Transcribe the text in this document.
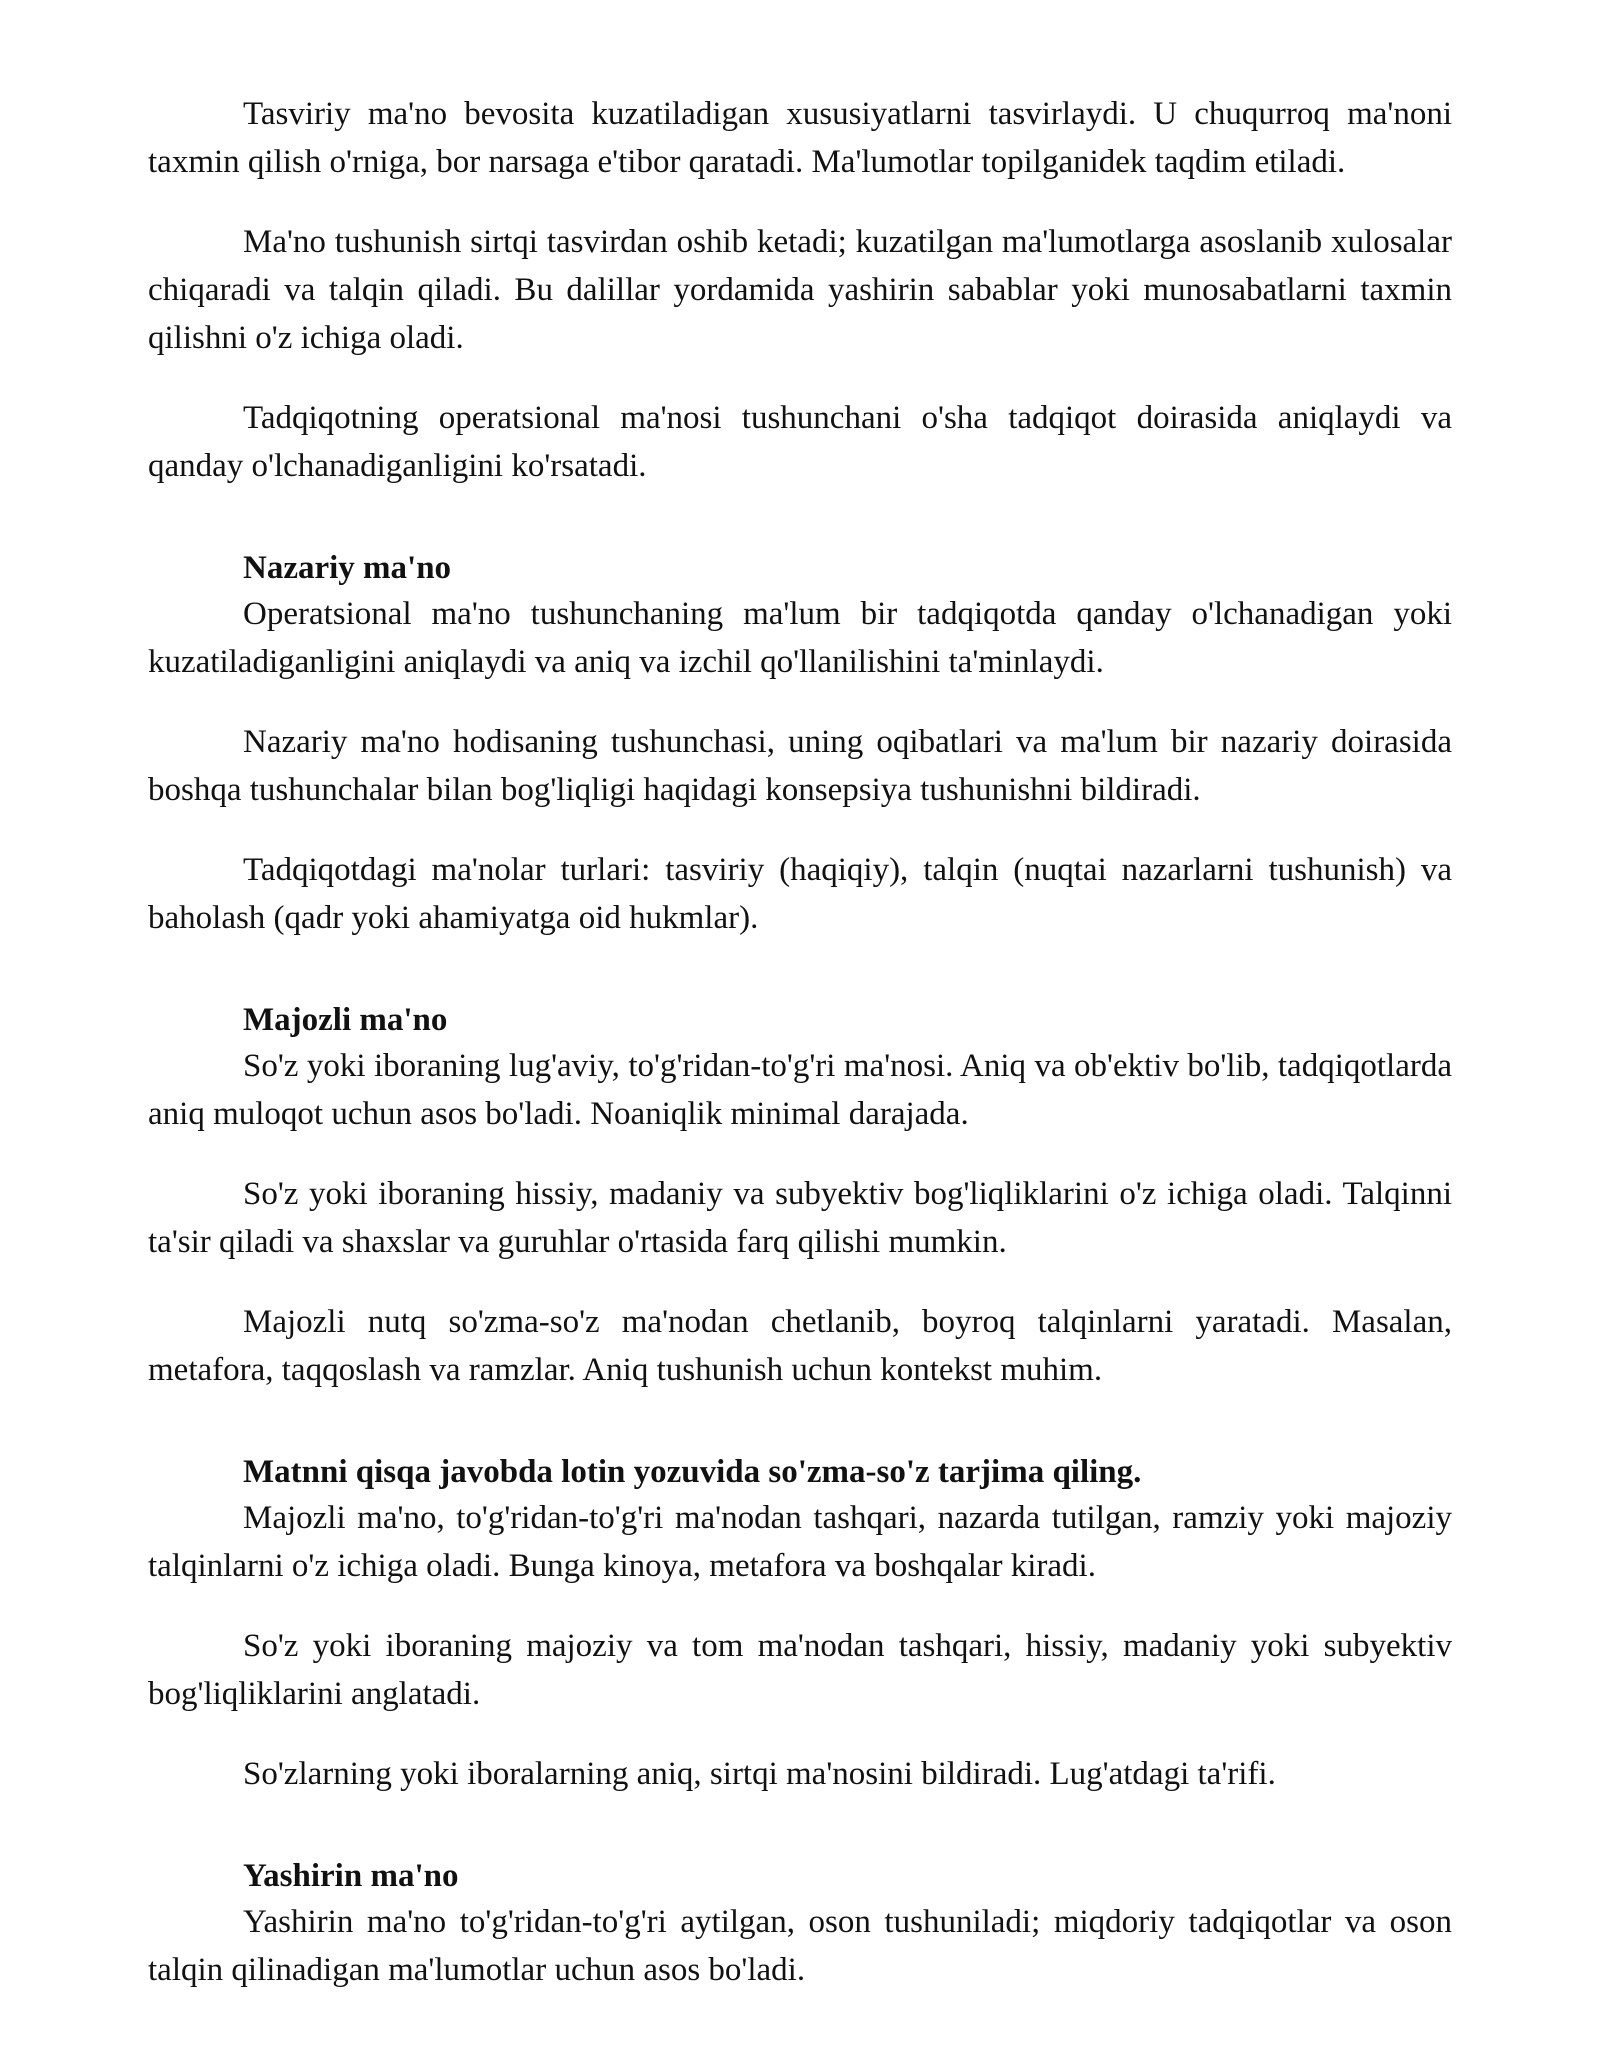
Tasviriy ma'no bevosita kuzatiladigan xususiyatlarni tasvirlaydi. U chuqurroq ma'noni taxmin qilish o'rniga, bor narsaga e'tibor qaratadi. Ma'lumotlar topilganidek taqdim etiladi.

Ma'no tushunish sirtqi tasvirdan oshib ketadi; kuzatilgan ma'lumotlarga asoslanib xulosalar chiqaradi va talqin qiladi. Bu dalillar yordamida yashirin sabablar yoki munosabatlarni taxmin qilishni o'z ichiga oladi.

Tadqiqotning operatsional ma'nosi tushunchani o'sha tadqiqot doirasida aniqlaydi va qanday o'lchanadiganligini ko'rsatadi.

Nazariy ma'no

Operatsional ma'no tushunchaning ma'lum bir tadqiqotda qanday o'lchanadigan yoki kuzatiladiganligini aniqlaydi va aniq va izchil qo'llanilishini ta'minlaydi.

Nazariy ma'no hodisaning tushunchasi, uning oqibatlari va ma'lum bir nazariy doirasida boshqa tushunchalar bilan bog'liqligi haqidagi konsepsiya tushunishni bildiradi.

Tadqiqotdagi ma'nolar turlari: tasviriy (haqiqiy), talqin (nuqtai nazarlarni tushunish) va baholash (qadr yoki ahamiyatga oid hukmlar).

Majozli ma'no

So'z yoki iboraning lug'aviy, to'g'ridan-to'g'ri ma'nosi. Aniq va ob'ektiv bo'lib, tadqiqotlarda aniq muloqot uchun asos bo'ladi. Noaniqlik minimal darajada.

So'z yoki iboraning hissiy, madaniy va subyektiv bog'liqliklarini o'z ichiga oladi. Talqinni ta'sir qiladi va shaxslar va guruhlar o'rtasida farq qilishi mumkin.

Majozli nutq so'zma-so'z ma'nodan chetlanib, boyroq talqinlarni yaratadi. Masalan, metafora, taqqoslash va ramzlar. Aniq tushunish uchun kontekst muhim.

Matnni qisqa javobda lotin yozuvida so'zma-so'z tarjima qiling.

Majozli ma'no, to'g'ridan-to'g'ri ma'nodan tashqari, nazarda tutilgan, ramziy yoki majoziy talqinlarni o'z ichiga oladi. Bunga kinoya, metafora va boshqalar kiradi.

So'z yoki iboraning majoziy va tom ma'nodan tashqari, hissiy, madaniy yoki subyektiv bog'liqliklarini anglatadi.

So'zlarning yoki iboralarning aniq, sirtqi ma'nosini bildiradi. Lug'atdagi ta'rifi.

Yashirin ma'no

Yashirin ma'no to'g'ridan-to'g'ri aytilgan, oson tushuniladi; miqdoriy tadqiqotlar va oson talqin qilinadigan ma'lumotlar uchun asos bo'ladi.
